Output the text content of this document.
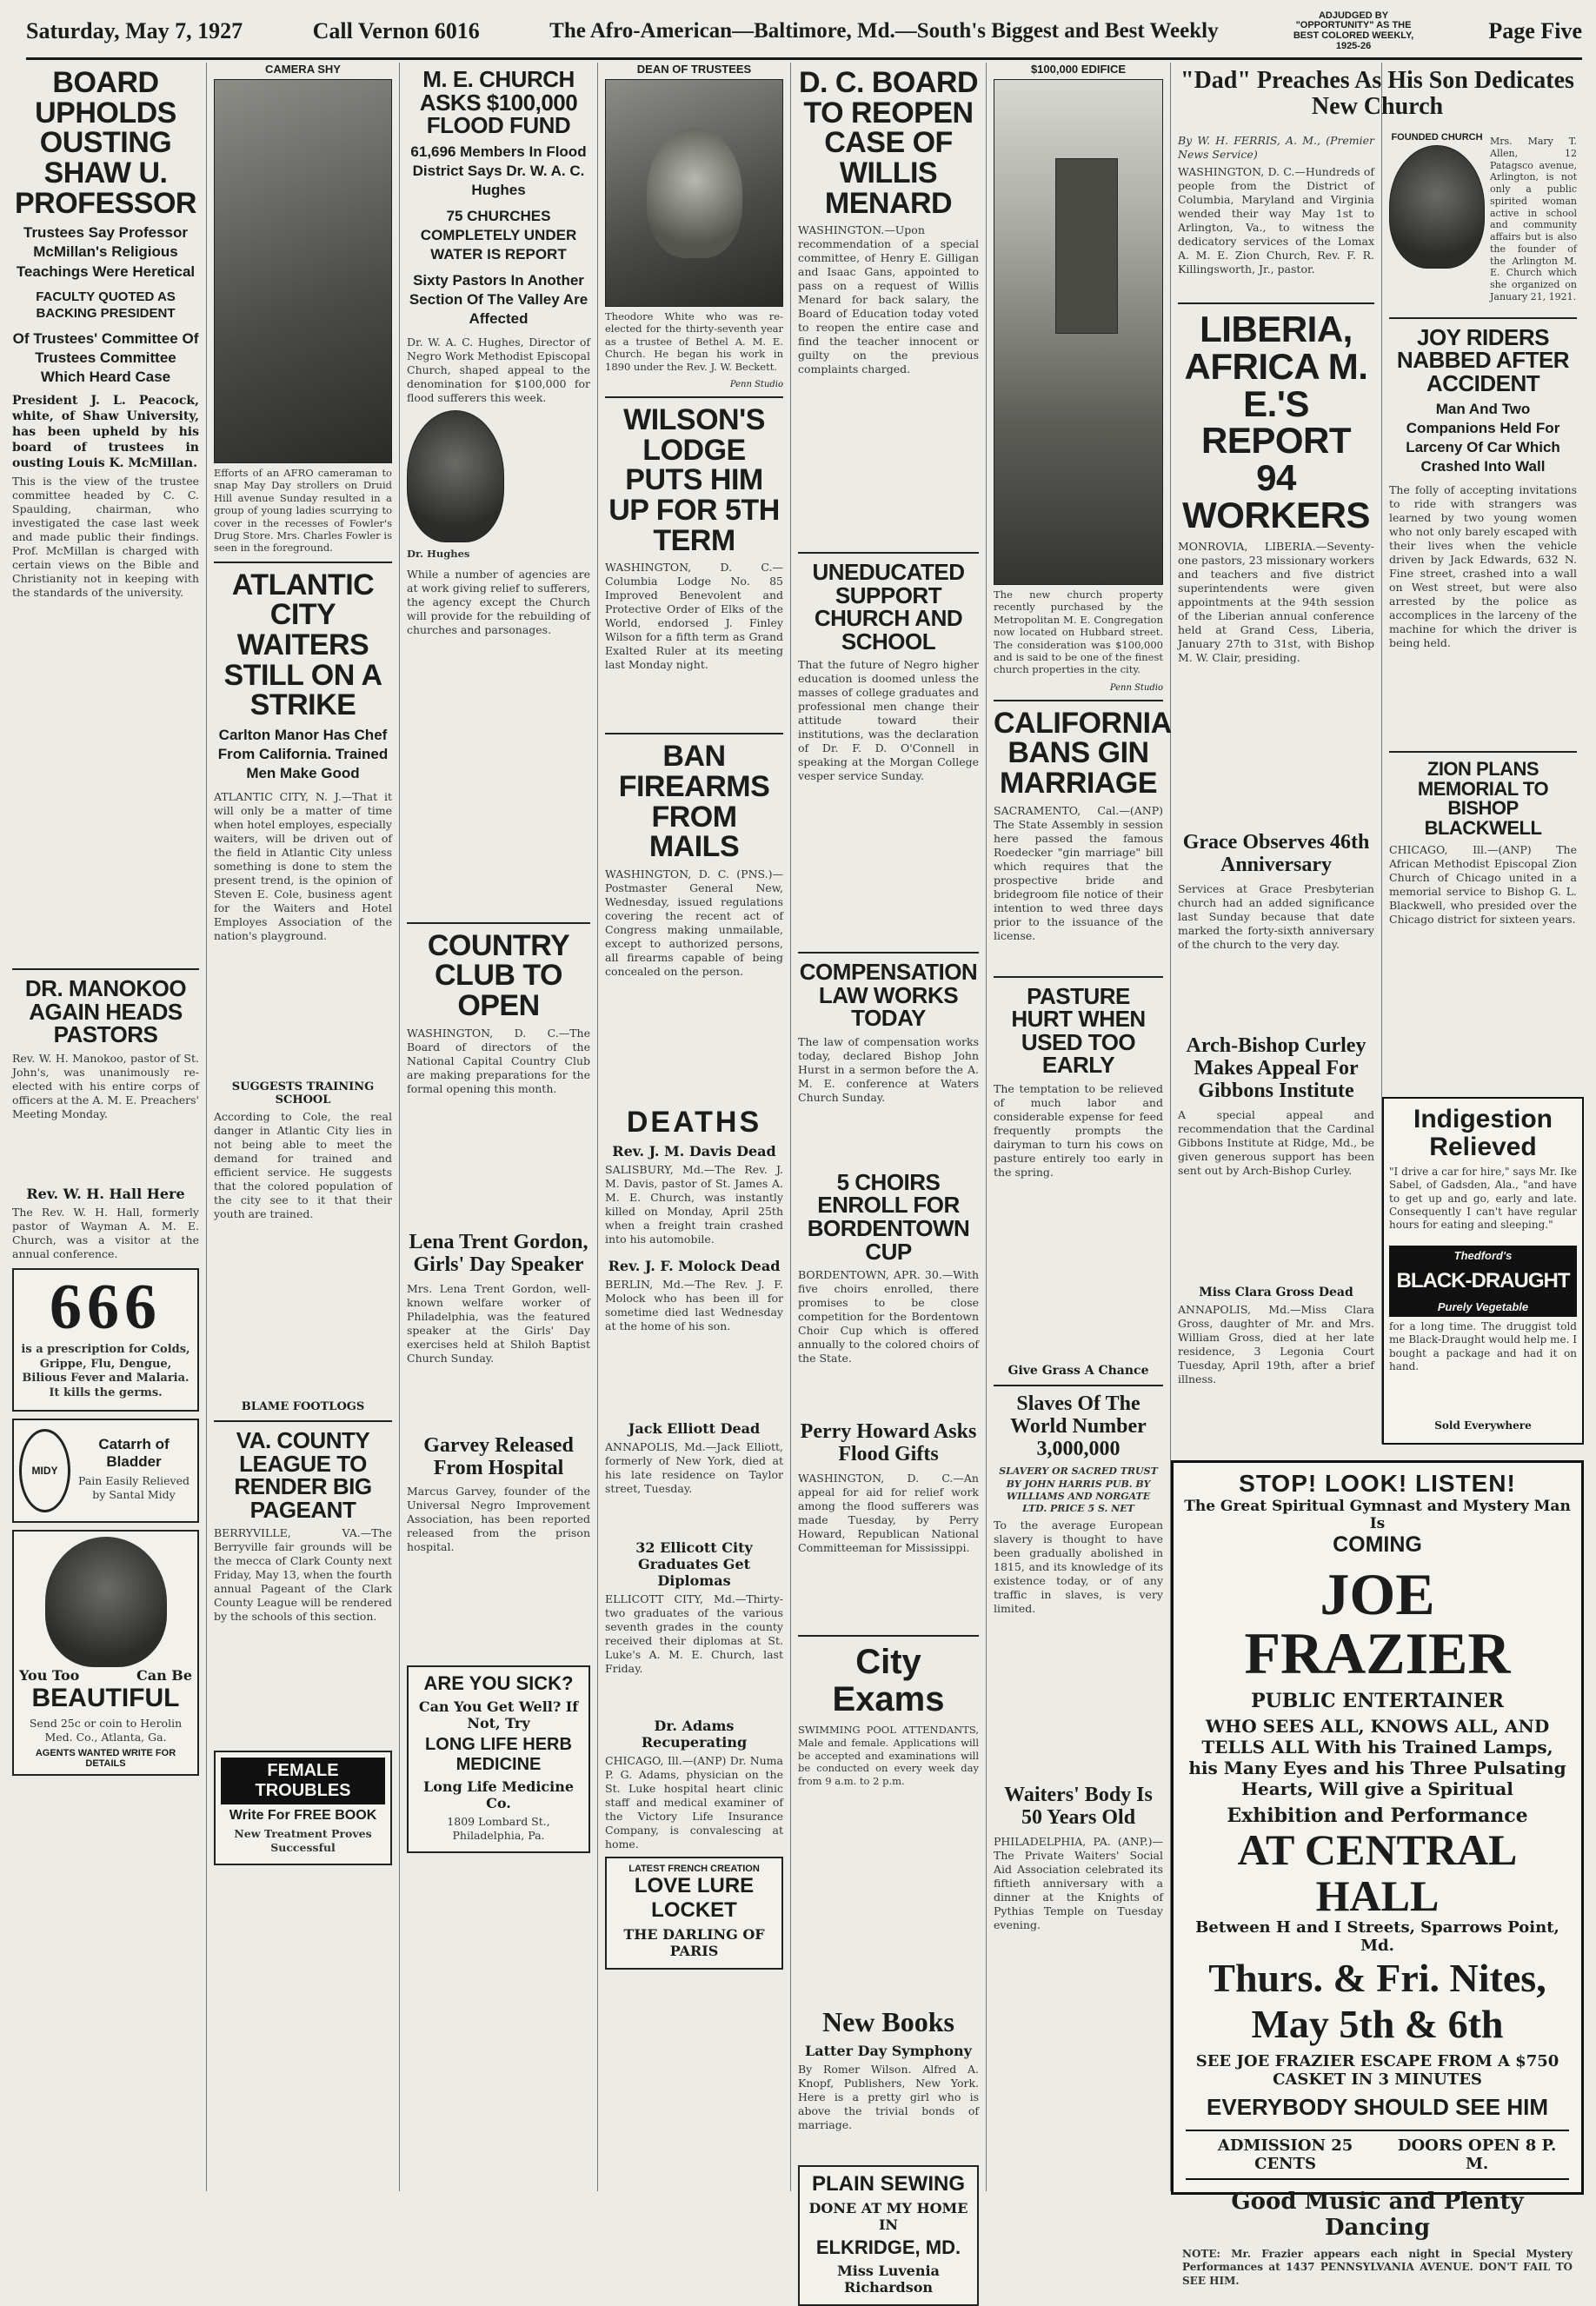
Saturday, May 7, 1927	Call Vernon 6016	The Afro-American—Baltimore, Md.—South's Biggest and Best Weekly
ADJUDGED BY "OPPORTUNITY" AS THE BEST COLORED WEEKLY, 1925-26
Page Five
BOARD UPHOLDS OUSTING SHAW U. PROFESSOR
Trustees Say Professor McMillan's Religious Teachings Were Heretical
FACULTY QUOTED AS BACKING PRESIDENT
Of Trustees' Committee Of Trustees Committee Which Heard Case
President J. L. Peacock, white, of Shaw University, has been upheld by his board of trustees in ousting Louis K. McMillan.
This is the view of the trustee committee headed by C. C. Spaulding, chairman, who investigated the case last week and made public their findings. Prof. McMillan is charged with certain views on the Bible and Christianity not in keeping with the standards of the university.
DR. MANOKOO AGAIN HEADS PASTORS
Rev. W. H. Manokoo, pastor of St. John's, was unanimously re-elected with his entire corps of officers at the A. M. E. Preachers' Meeting Monday.
Rev. W. H. Hall Here
The Rev. W. H. Hall, formerly pastor of Wayman A. M. E. Church, was a visitor at the annual conference.
666
is a prescription for Colds, Grippe, Flu, Dengue, Bilious Fever and Malaria. It kills the germs.
MIDY
Catarrh of Bladder
Pain Easily Relieved by Santal Midy
You Too	Can Be
BEAUTIFUL
Send 25c or coin to Herolin Med. Co., Atlanta, Ga.
AGENTS WANTED WRITE FOR DETAILS
CAMERA SHY
Efforts of an AFRO cameraman to snap May Day strollers on Druid Hill avenue Sunday resulted in a group of young ladies scurrying to cover in the recesses of Fowler's Drug Store. Mrs. Charles Fowler is seen in the foreground.
ATLANTIC CITY WAITERS STILL ON A STRIKE
Carlton Manor Has Chef From California. Trained Men Make Good
ATLANTIC CITY, N. J.—That it will only be a matter of time when hotel employes, especially waiters, will be driven out of the field in Atlantic City unless something is done to stem the present trend, is the opinion of Steven E. Cole, business agent for the Waiters and Hotel Employes Association of the nation's playground.
SUGGESTS TRAINING SCHOOL
According to Cole, the real danger in Atlantic City lies in not being able to meet the demand for trained and efficient service. He suggests that the colored population of the city see to it that their youth are trained.
BLAME FOOTLOGS
VA. COUNTY LEAGUE TO RENDER BIG PAGEANT
BERRYVILLE, VA.—The Berryville fair grounds will be the mecca of Clark County next Friday, May 13, when the fourth annual Pageant of the Clark County League will be rendered by the schools of this section.
FEMALE TROUBLES
Write For FREE BOOK
New Treatment Proves Successful
M. E. CHURCH ASKS $100,000 FLOOD FUND
61,696 Members In Flood District Says Dr. W. A. C. Hughes
75 CHURCHES COMPLETELY UNDER WATER IS REPORT
Sixty Pastors In Another Section Of The Valley Are Affected
Dr. W. A. C. Hughes, Director of Negro Work Methodist Episcopal Church, shaped appeal to the denomination for $100,000 for flood sufferers this week.
Dr. Hughes
While a number of agencies are at work giving relief to sufferers, the agency except the Church will provide for the rebuilding of churches and parsonages.
COUNTRY CLUB TO OPEN
WASHINGTON, D. C.—The Board of directors of the National Capital Country Club are making preparations for the formal opening this month.
Lena Trent Gordon, Girls' Day Speaker
Mrs. Lena Trent Gordon, well-known welfare worker of Philadelphia, was the featured speaker at the Girls' Day exercises held at Shiloh Baptist Church Sunday.
Garvey Released From Hospital
Marcus Garvey, founder of the Universal Negro Improvement Association, has been reported released from the prison hospital.
ARE YOU SICK?
Can You Get Well? If Not, Try
LONG LIFE HERB MEDICINE
Long Life Medicine Co.
1809 Lombard St., Philadelphia, Pa.
DEAN OF TRUSTEES
Theodore White who was re-elected for the thirty-seventh year as a trustee of Bethel A. M. E. Church. He began his work in 1890 under the Rev. J. W. Beckett.
Penn Studio
WILSON'S LODGE PUTS HIM UP FOR 5TH TERM
WASHINGTON, D. C.—Columbia Lodge No. 85 Improved Benevolent and Protective Order of Elks of the World, endorsed J. Finley Wilson for a fifth term as Grand Exalted Ruler at its meeting last Monday night.
BAN FIREARMS FROM MAILS
WASHINGTON, D. C. (PNS.)—Postmaster General New, Wednesday, issued regulations covering the recent act of Congress making unmailable, except to authorized persons, all firearms capable of being concealed on the person.
DEATHS
Rev. J. M. Davis Dead
SALISBURY, Md.—The Rev. J. M. Davis, pastor of St. James A. M. E. Church, was instantly killed on Monday, April 25th when a freight train crashed into his automobile.
Rev. J. F. Molock Dead
BERLIN, Md.—The Rev. J. F. Molock who has been ill for sometime died last Wednesday at the home of his son.
Jack Elliott Dead
ANNAPOLIS, Md.—Jack Elliott, formerly of New York, died at his late residence on Taylor street, Tuesday.
32 Ellicott City Graduates Get Diplomas
ELLICOTT CITY, Md.—Thirty-two graduates of the various seventh grades in the county received their diplomas at St. Luke's A. M. E. Church, last Friday.
Dr. Adams Recuperating
CHICAGO, Ill.—(ANP) Dr. Numa P. G. Adams, physician on the St. Luke hospital heart clinic staff and medical examiner of the Victory Life Insurance Company, is convalescing at home.
LATEST FRENCH CREATION
LOVE LURE LOCKET
THE DARLING OF PARIS
D. C. BOARD TO REOPEN CASE OF WILLIS MENARD
WASHINGTON.—Upon recommendation of a special committee, of Henry E. Gilligan and Isaac Gans, appointed to pass on a request of Willis Menard for back salary, the Board of Education today voted to reopen the entire case and find the teacher innocent or guilty on the previous complaints charged.
UNEDUCATED SUPPORT CHURCH AND SCHOOL
That the future of Negro higher education is doomed unless the masses of college graduates and professional men change their attitude toward their institutions, was the declaration of Dr. F. D. O'Connell in speaking at the Morgan College vesper service Sunday.
COMPENSATION LAW WORKS TODAY
The law of compensation works today, declared Bishop John Hurst in a sermon before the A. M. E. conference at Waters Church Sunday.
5 CHOIRS ENROLL FOR BORDENTOWN CUP
BORDENTOWN, APR. 30.—With five choirs enrolled, there promises to be close competition for the Bordentown Choir Cup which is offered annually to the colored choirs of the State.
Perry Howard Asks Flood Gifts
WASHINGTON, D. C.—An appeal for aid for relief work among the flood sufferers was made Tuesday, by Perry Howard, Republican National Committeeman for Mississippi.
City Exams
SWIMMING POOL ATTENDANTS, Male and female. Applications will be accepted and examinations will be conducted on every week day from 9 a.m. to 2 p.m.
New Books
Latter Day Symphony
By Romer Wilson. Alfred A. Knopf, Publishers, New York. Here is a pretty girl who is above the trivial bonds of marriage.
PLAIN SEWING
DONE AT MY HOME IN
ELKRIDGE, MD.
Miss Luvenia Richardson
$100,000 EDIFICE
The new church property recently purchased by the Metropolitan M. E. Congregation now located on Hubbard street. The consideration was $100,000 and is said to be one of the finest church properties in the city.
Penn Studio
CALIFORNIA BANS GIN MARRIAGE
SACRAMENTO, Cal.—(ANP) The State Assembly in session here passed the famous Roedecker "gin marriage" bill which requires that the prospective bride and bridegroom file notice of their intention to wed three days prior to the issuance of the license.
PASTURE HURT WHEN USED TOO EARLY
The temptation to be relieved of much labor and considerable expense for feed frequently prompts the dairyman to turn his cows on pasture entirely too early in the spring.
Give Grass A Chance
Slaves Of The World Number 3,000,000
SLAVERY OR SACRED TRUST BY JOHN HARRIS PUB. BY WILLIAMS AND NORGATE LTD. PRICE 5 S. NET
To the average European slavery is thought to have been gradually abolished in 1815, and its knowledge of its existence today, or of any traffic in slaves, is very limited.
Waiters' Body Is 50 Years Old
PHILADELPHIA, PA. (ANP.)—The Private Waiters' Social Aid Association celebrated its fiftieth anniversary with a dinner at the Knights of Pythias Temple on Tuesday evening.
"Dad" Preaches As His Son Dedicates New Church
By W. H. FERRIS, A. M., (Premier News Service)
WASHINGTON, D. C.—Hundreds of people from the District of Columbia, Maryland and Virginia wended their way May 1st to Arlington, Va., to witness the dedicatory services of the Lomax A. M. E. Zion Church, Rev. F. R. Killingsworth, Jr., pastor.
LIBERIA, AFRICA M. E.'S REPORT 94 WORKERS
MONROVIA, LIBERIA.—Seventy-one pastors, 23 missionary workers and teachers and five district superintendents were given appointments at the 94th session of the Liberian annual conference held at Grand Cess, Liberia, January 27th to 31st, with Bishop M. W. Clair, presiding.
Grace Observes 46th Anniversary
Services at Grace Presbyterian church had an added significance last Sunday because that date marked the forty-sixth anniversary of the church to the very day.
Arch-Bishop Curley Makes Appeal For Gibbons Institute
A special appeal and recommendation that the Cardinal Gibbons Institute at Ridge, Md., be given generous support has been sent out by Arch-Bishop Curley.
Miss Clara Gross Dead
ANNAPOLIS, Md.—Miss Clara Gross, daughter of Mr. and Mrs. William Gross, died at her late residence, 3 Legonia Court Tuesday, April 19th, after a brief illness.
FOUNDED CHURCH Mrs. Mary T. Allen, 12 Patagsco avenue, Arlington, is not only a public spirited woman active in school and community affairs but is also the founder of the Arlington M. E. Church which she organized on January 21, 1921.
JOY RIDERS NABBED AFTER ACCIDENT
Man And Two Companions Held For Larceny Of Car Which Crashed Into Wall
The folly of accepting invitations to ride with strangers was learned by two young women who not only barely escaped with their lives when the vehicle driven by Jack Edwards, 632 N. Fine street, crashed into a wall on West street, but were also arrested by the police as accomplices in the larceny of the machine for which the driver is being held.
ZION PLANS MEMORIAL TO BISHOP BLACKWELL
CHICAGO, Ill.—(ANP) The African Methodist Episcopal Zion Church of Chicago united in a memorial service to Bishop G. L. Blackwell, who presided over the Chicago district for sixteen years.
Indigestion Relieved
"I drive a car for hire," says Mr. Ike Sabel, of Gadsden, Ala., "and have to get up and go, early and late. Consequently I can't have regular hours for eating and sleeping."
Thedford's
BLACK-DRAUGHT
Purely Vegetable
for a long time. The druggist told me Black-Draught would help me. I bought a package and had it on hand.
Sold Everywhere
STOP! LOOK! LISTEN!
The Great Spiritual Gymnast and Mystery Man Is
COMING
JOE FRAZIER
PUBLIC ENTERTAINER
WHO SEES ALL, KNOWS ALL, AND TELLS ALL With his Trained Lamps, his Many Eyes and his Three Pulsating Hearts, Will give a Spiritual
Exhibition and Performance
AT CENTRAL HALL
Between H and I Streets, Sparrows Point, Md.
Thurs. & Fri. Nites, May 5th & 6th
SEE JOE FRAZIER ESCAPE FROM A $750 CASKET IN 3 MINUTES
EVERYBODY SHOULD SEE HIM
ADMISSION 25 CENTS
DOORS OPEN 8 P. M.
Good Music and Plenty Dancing
NOTE: Mr. Frazier appears each night in Special Mystery Performances at 1437 PENNSYLVANIA AVENUE. DON'T FAIL TO SEE HIM.
